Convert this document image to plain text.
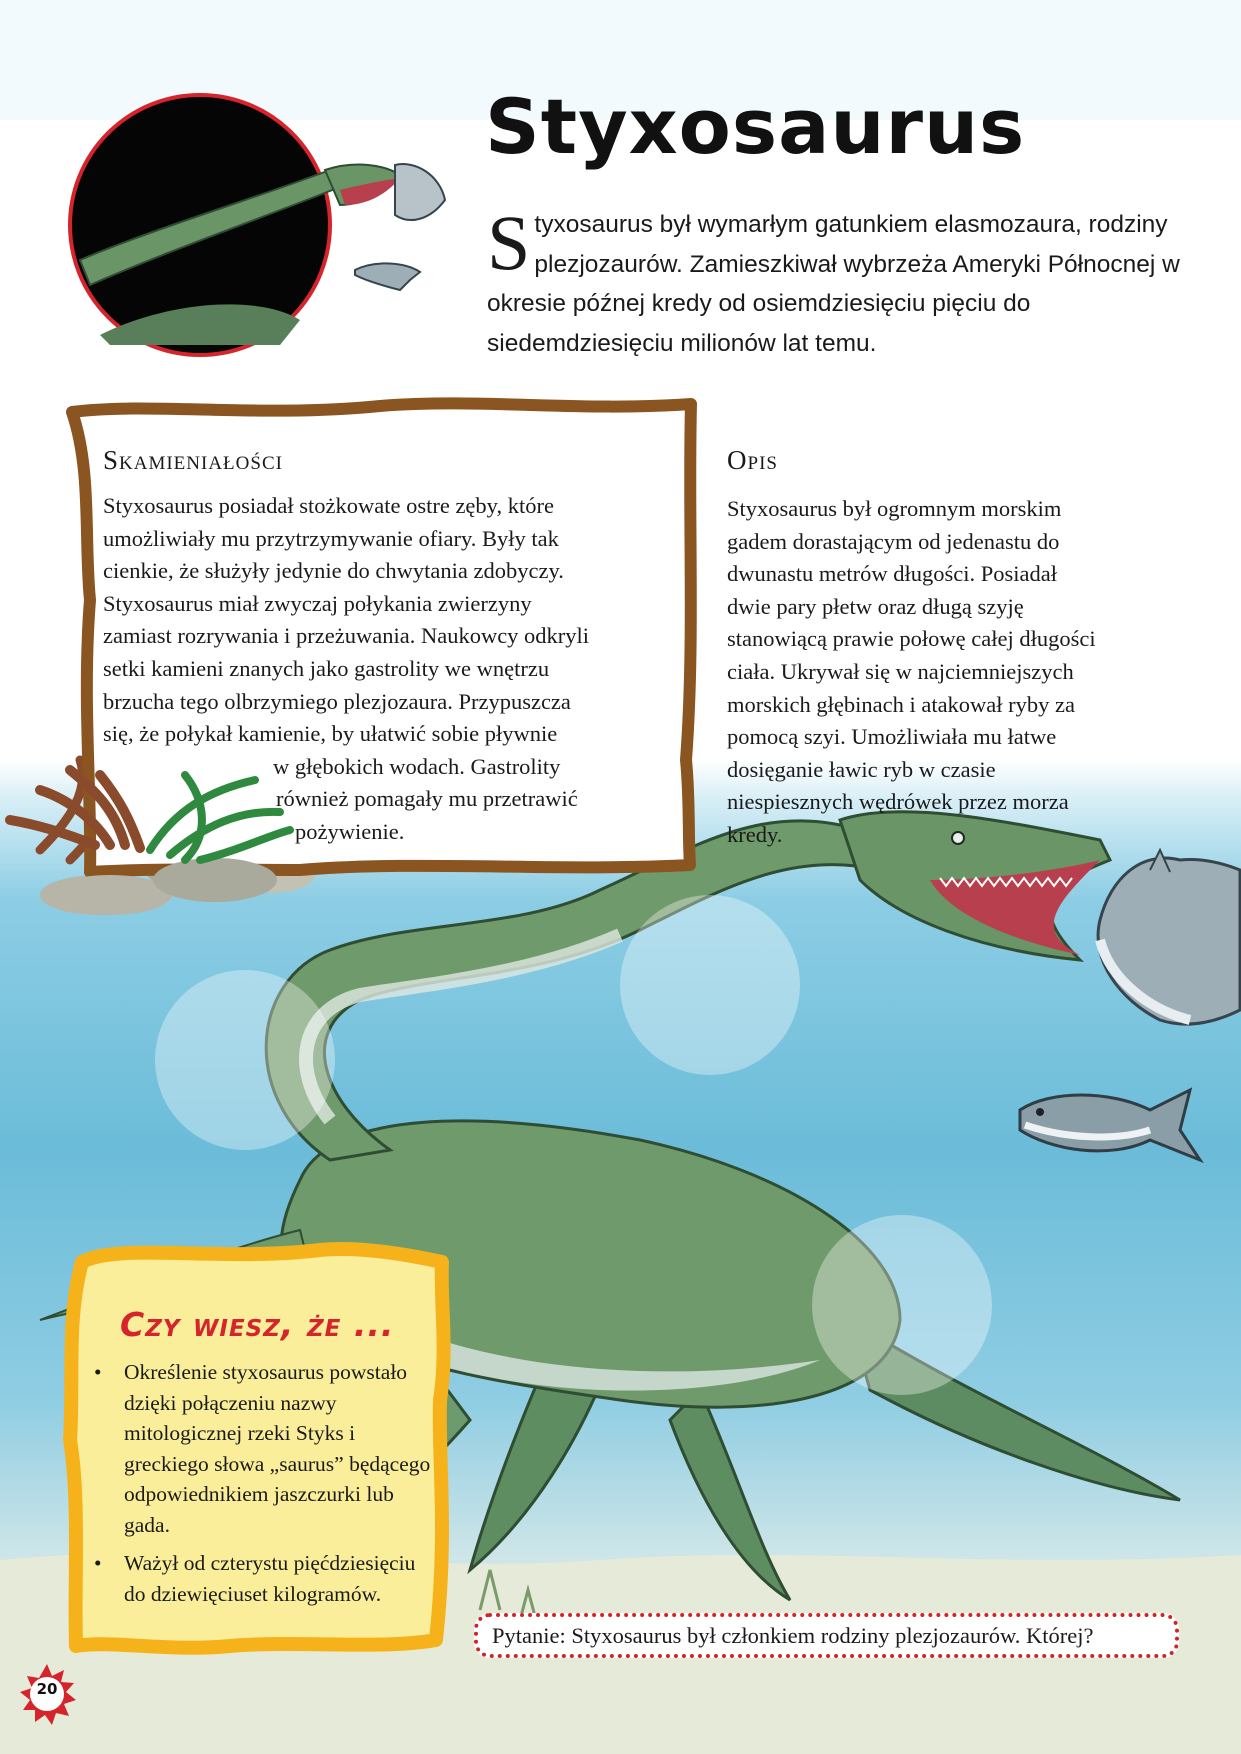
Styxosaurus
Styxosaurus był wymarłym gatunkiem elasmozaura, rodziny plezjozaurów. Zamieszkiwał wybrzeża Ameryki Północnej w okresie późnej kredy od osiemdziesięciu pięciu do siedemdziesięciu milionów lat temu.
Skamieniałości
Styxosaurus posiadał stożkowate ostre zęby, które
umożliwiały mu przytrzymywanie ofiary. Były tak
cienkie, że służyły jedynie do chwytania zdobyczy.
Styxosaurus miał zwyczaj połykania zwierzyny
zamiast rozrywania i przeżuwania. Naukowcy odkryli
setki kamieni znanych jako gastrolity we wnętrzu
brzucha tego olbrzymiego plezjozaura. Przypuszcza
się, że połykał kamienie, by ułatwić sobie pływnie
w głębokich wodach. Gastrolity
również pomagały mu przetrawić
pożywienie.
Opis
Styxosaurus był ogromnym morskim
gadem dorastającym od jedenastu do
dwunastu metrów długości. Posiadał
dwie pary płetw oraz długą szyję
stanowiącą prawie połowę całej długości
ciała. Ukrywał się w najciemniejszych
morskich głębinach i atakował ryby za
pomocą szyi. Umożliwiała mu łatwe
dosięganie ławic ryb w czasie
niespiesznych wędrówek przez morza
kredy.
Czy wiesz, że ...
• Określenie styxosaurus powstało dzięki połączeniu nazwy mitologicznej rzeki Styks i greckiego słowa „saurus” będącego odpowiednikiem jaszczurki lub gada.
• Ważył od czterystu pięćdziesięciu do dziewięciuset kilogramów.
Pytanie: Styxosaurus był członkiem rodziny plezjozaurów. Której?
20
